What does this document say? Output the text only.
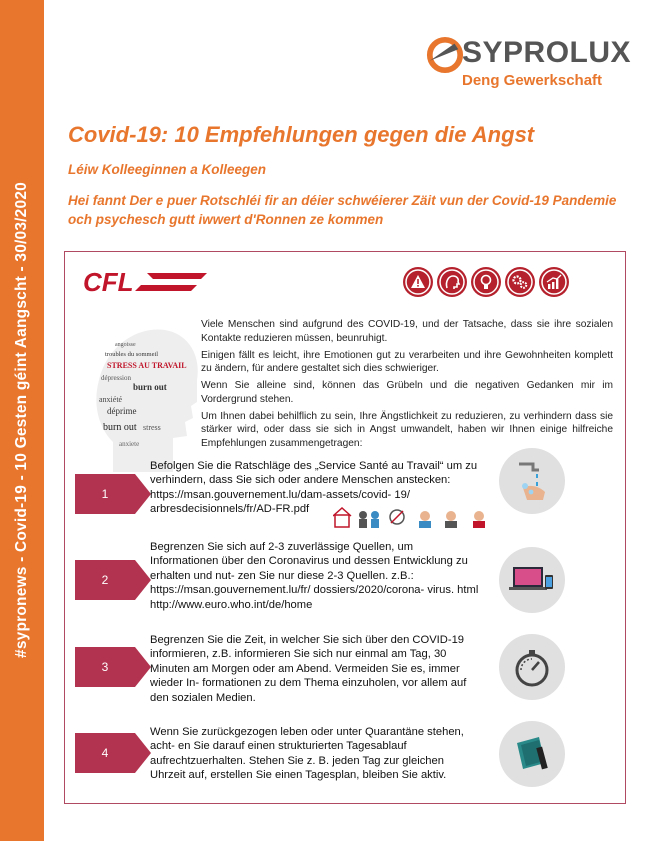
#sypronews - Covid-19 - 10 Gesten géint Aangscht - 30/03/2020
SYPROLUX
Deng Gewerkschaft
Covid-19: 10 Empfehlungen gegen die Angst
Léiw Kolleeginnen a Kolleegen
Hei fannt Der e puer Rotschléi fir an déier schwéierer Zäit vun der Covid-19 Pandemie och psychesch gutt iwwert d'Ronnen ze kommen
CFL
angoisse
troubles du sommeil
STRESS AU TRAVAIL
dépression
burn out
anxiété
déprime
burn out stress
anxiete

Viele Menschen sind aufgrund des COVID-19, und der Tatsache, dass sie ihre sozialen Kontakte reduzieren müssen, beunruhigt.

Einigen fällt es leicht, ihre Emotionen gut zu verarbeiten und ihre Gewohnheiten komplett zu ändern, für andere gestaltet sich dies schwieriger.

Wenn Sie alleine sind, können das Grübeln und die negativen Gedanken mir im Vordergrund stehen.

Um Ihnen dabei behilflich zu sein, Ihre Ängstlichkeit zu reduzieren, zu verhindern dass sie stärker wird, oder dass sie sich in Angst umwandelt, haben wir Ihnen einige hilfreiche Empfehlungen zusammengetragen:

1
Befolgen Sie die Ratschläge des „Service Santé au Travail“ um zu verhindern, dass Sie sich oder andere Menschen anstecken: https://msan.gouvernement.lu/dam-assets/covid- 19/ arbresdecisionnels/fr/AD-FR.pdf
2
Begrenzen Sie sich auf 2-3 zuverlässige Quellen, um Informationen über den Coronavirus und dessen Entwicklung zu erhalten und nut- zen Sie nur diese 2-3 Quellen. z.B.: https://msan.gouvernement.lu/fr/ dossiers/2020/corona- virus. html http://www.euro.who.int/de/home
3
Begrenzen Sie die Zeit, in welcher Sie sich über den COVID-19 informieren, z.B. informieren Sie sich nur einmal am Tag, 30 Minuten am Morgen oder am Abend. Vermeiden Sie es, immer wieder In- formationen zu dem Thema einzuholen, vor allem auf den sozialen Medien.
4
Wenn Sie zurückgezogen leben oder unter Quarantäne stehen, acht- en Sie darauf einen strukturierten Tagesablauf aufrechtzuerhalten. Stehen Sie z. B. jeden Tag zur gleichen Uhrzeit auf, erstellen Sie einen Tagesplan, bleiben Sie aktiv.
